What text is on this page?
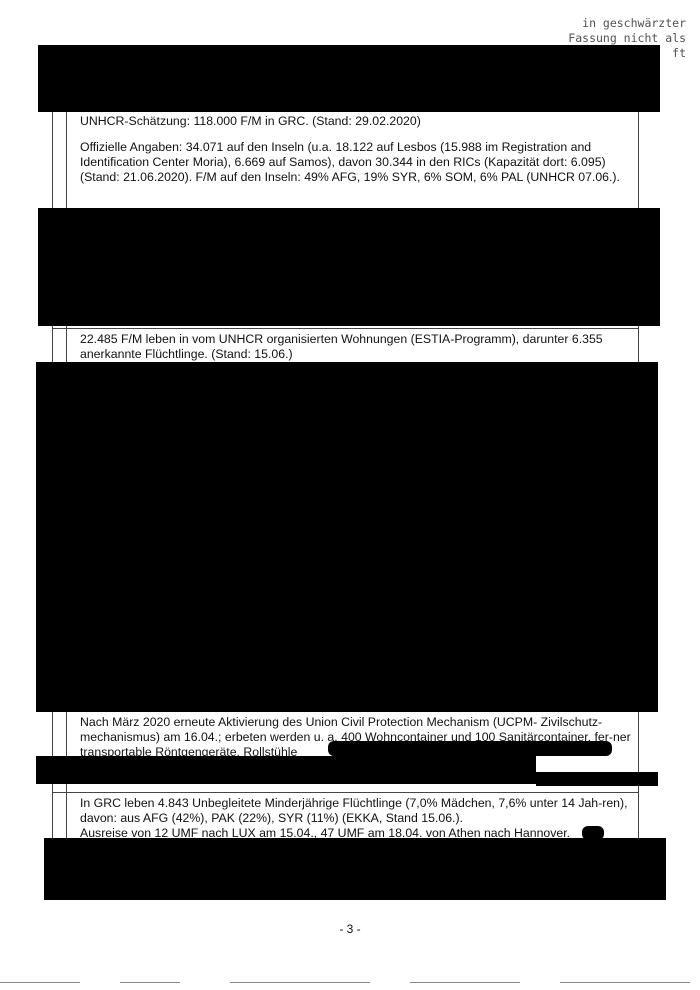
in geschwärzter
Fassung nicht als
ft

UNHCR-Schätzung: 118.000 F/M in GRC. (Stand: 29.02.2020)

Offizielle Angaben: 34.071 auf den Inseln (u.a. 18.122 auf Lesbos (15.988 im Registration and Identification Center Moria), 6.669 auf Samos), davon 30.344 in den RICs (Kapazität dort: 6.095) (Stand: 21.06.2020). F/M auf den Inseln: 49% AFG, 19% SYR, 6% SOM, 6% PAL (UNHCR 07.06.).

22.485 F/M leben in vom UNHCR organisierten Wohnungen (ESTIA-Programm), darunter 6.355 anerkannte Flüchtlinge. (Stand: 15.06.)

Nach März 2020 erneute Aktivierung des Union Civil Protection Mechanism (UCPM- Zivilschutz-mechanismus) am 16.04.; erbeten werden u. a. 400 Wohncontainer und 100 Sanitärcontainer, fer-ner transportable Röntgengeräte, Rollstühle

In GRC leben 4.843 Unbegleitete Minderjährige Flüchtlinge (7,0% Mädchen, 7,6% unter 14 Jah-ren), davon: aus AFG (42%), PAK (22%), SYR (11%) (EKKA, Stand 15.06.).

Ausreise von 12 UMF nach LUX am 15.04., 47 UMF am 18.04. von Athen nach Hannover.

- 3 -
